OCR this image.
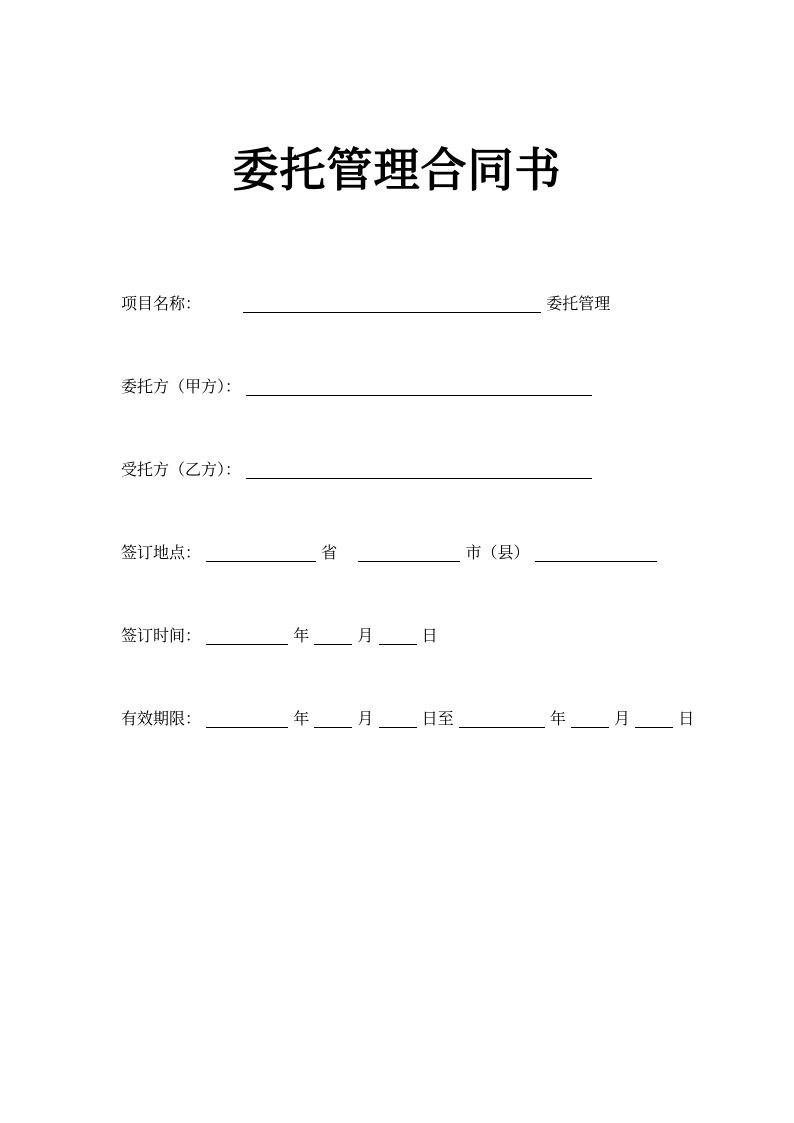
委托管理合同书
项目名称：	委托管理
委托方（甲方）：
受托方（乙方）：
签订地点：	省	市（县）
签订时间：	年	月	日
有效期限：	年	月	日至	年	月	日
